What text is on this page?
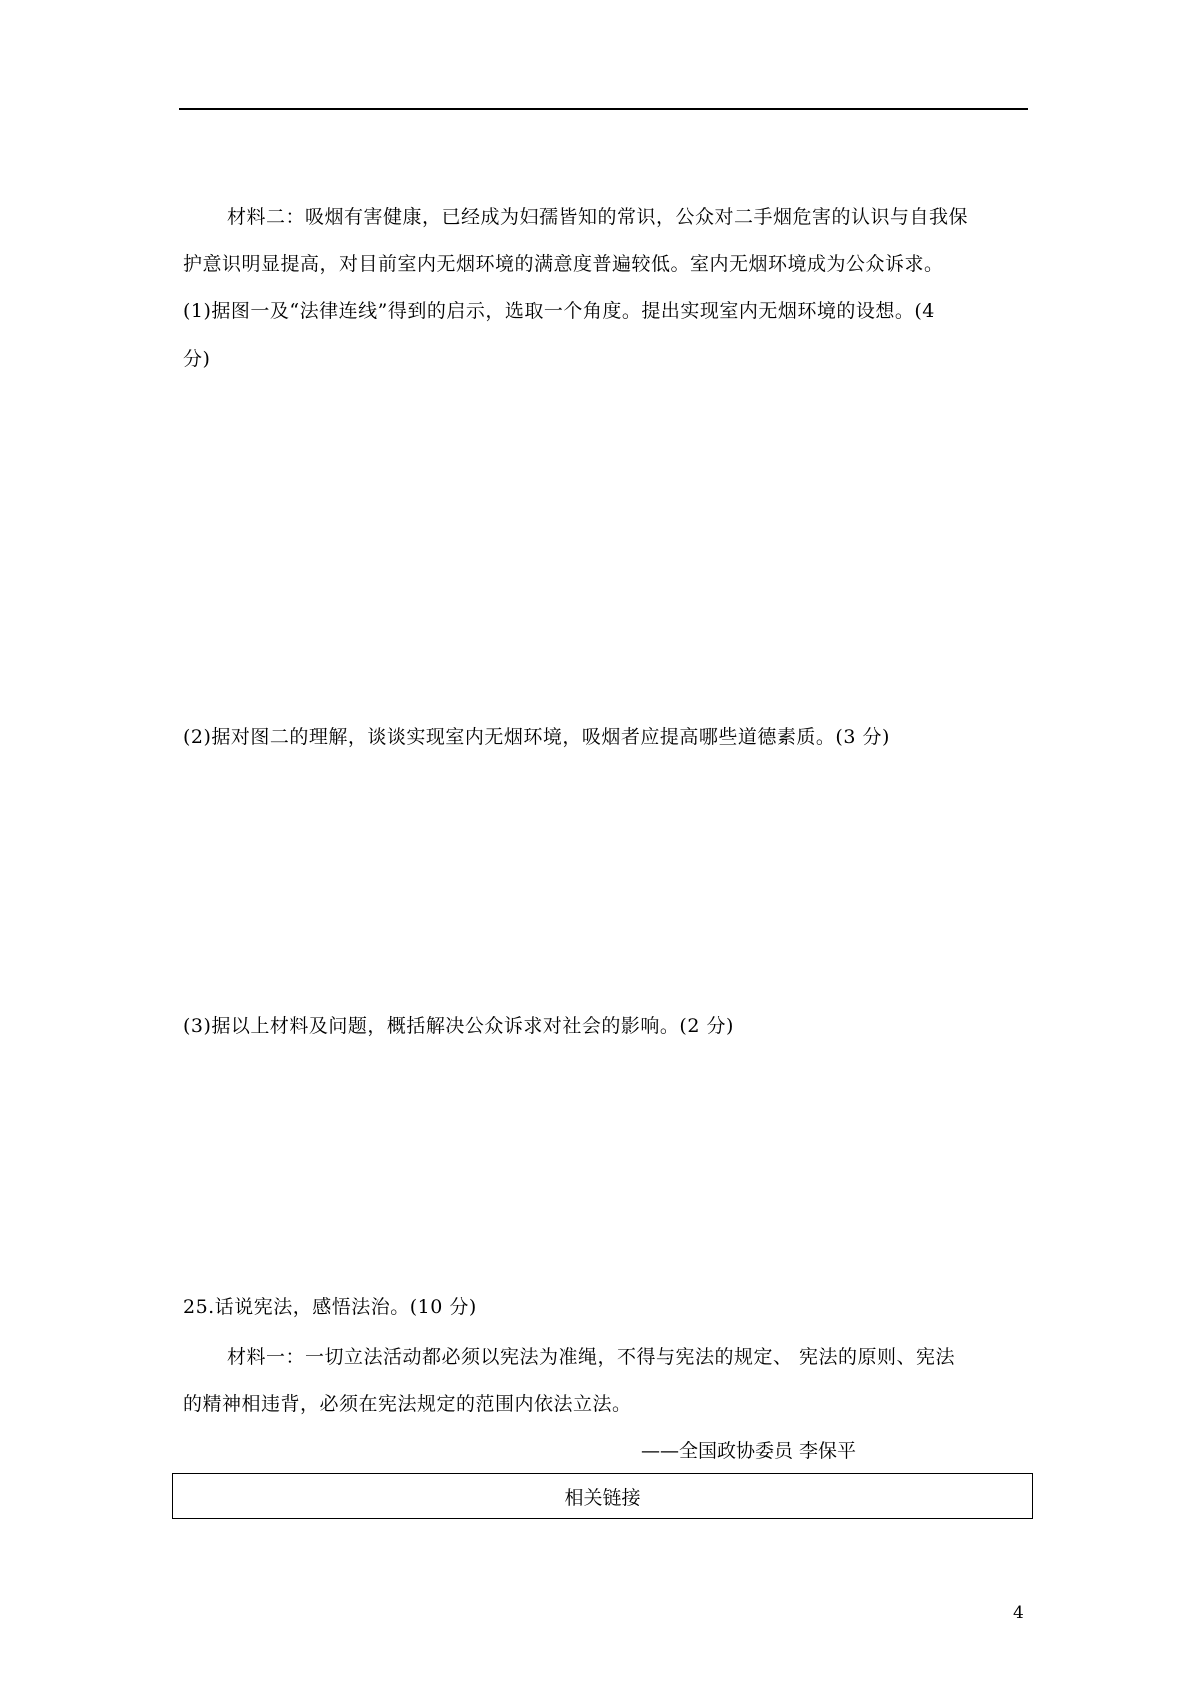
材料二：吸烟有害健康，已经成为妇孺皆知的常识，公众对二手烟危害的认识与自我保
护意识明显提高，对目前室内无烟环境的满意度普遍较低。室内无烟环境成为公众诉求。
(1)据图一及“法律连线”得到的启示，选取一个角度。提出实现室内无烟环境的设想。(4
分)
(2)据对图二的理解，谈谈实现室内无烟环境，吸烟者应提高哪些道德素质。(3 分)
(3)据以上材料及问题，概括解决公众诉求对社会的影响。(2 分)
25.话说宪法，感悟法治。(10 分)
材料一：一切立法活动都必须以宪法为准绳，不得与宪法的规定、 宪法的原则、宪法
的精神相违背，必须在宪法规定的范围内依法立法。
——全国政协委员 李保平
相关链接
4
